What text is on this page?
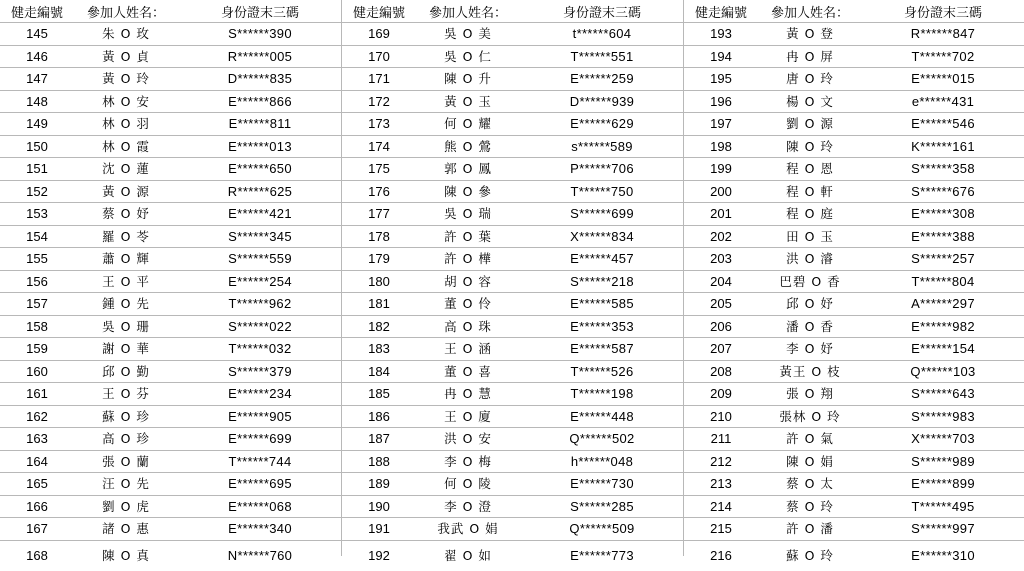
健走編號	參加人姓名：	身份證末三碼
145	朱 O 玫	S******390
146	黃 O 貞	R******005
147	黃 O 玲	D******835
148	林 O 安	E******866
149	林 O 羽	E******811
150	林 O 霞	E******013
151	沈 O 蓮	E******650
152	黃 O 源	R******625
153	蔡 O 妤	E******421
154	羅 O 苓	S******345
155	蕭 O 輝	S******559
156	王 O 平	E******254
157	鍾 O 先	T******962
158	吳 O 珊	S******022
159	謝 O 華	T******032
160	邱 O 勤	S******379
161	王 O 芬	E******234
162	蘇 O 珍	E******905
163	高 O 珍	E******699
164	張 O 蘭	T******744
165	汪 O 先	E******695
166	劉 O 虎	E******068
167	諸 O 惠	E******340
168	陳 O 真	N******760
健走編號	參加人姓名：	身份證末三碼
169	吳 O 美	t******604
170	吳 O 仁	T******551
171	陳 O 升	E******259
172	黃 O 玉	D******939
173	何 O 耀	E******629
174	熊 O 鶯	s******589
175	郭 O 鳳	P******706
176	陳 O 參	T******750
177	吳 O 瑞	S******699
178	許 O 葉	X******834
179	許 O 樺	E******457
180	胡 O 容	S******218
181	董 O 伶	E******585
182	高 O 珠	E******353
183	王 O 涵	E******587
184	董 O 喜	T******526
185	冉 O 慧	T******198
186	王 O 廈	E******448
187	洪 O 安	Q******502
188	李 O 梅	h******048
189	何 O 陵	E******730
190	李 O 澄	S******285
191	我武 O 娟	Q******509
192	翟 O 如	E******773
健走編號	參加人姓名：	身份證末三碼
193	黃 O 登	R******847
194	冉 O 屏	T******702
195	唐 O 玲	E******015
196	楊 O 文	e******431
197	劉 O 源	E******546
198	陳 O 玲	K******161
199	程 O 恩	S******358
200	程 O 軒	S******676
201	程 O 庭	E******308
202	田 O 玉	E******388
203	洪 O 濬	S******257
204	巴碧 O 香	T******804
205	邱 O 妤	A******297
206	潘 O 香	E******982
207	李 O 妤	E******154
208	黃王 O 枝	Q******103
209	張 O 翔	S******643
210	張林 O 玲	S******983
211	許 O 氣	X******703
212	陳 O 娟	S******989
213	蔡 O 太	E******899
214	蔡 O 玲	T******495
215	許 O 潘	S******997
216	蘇 O 玲	E******310
